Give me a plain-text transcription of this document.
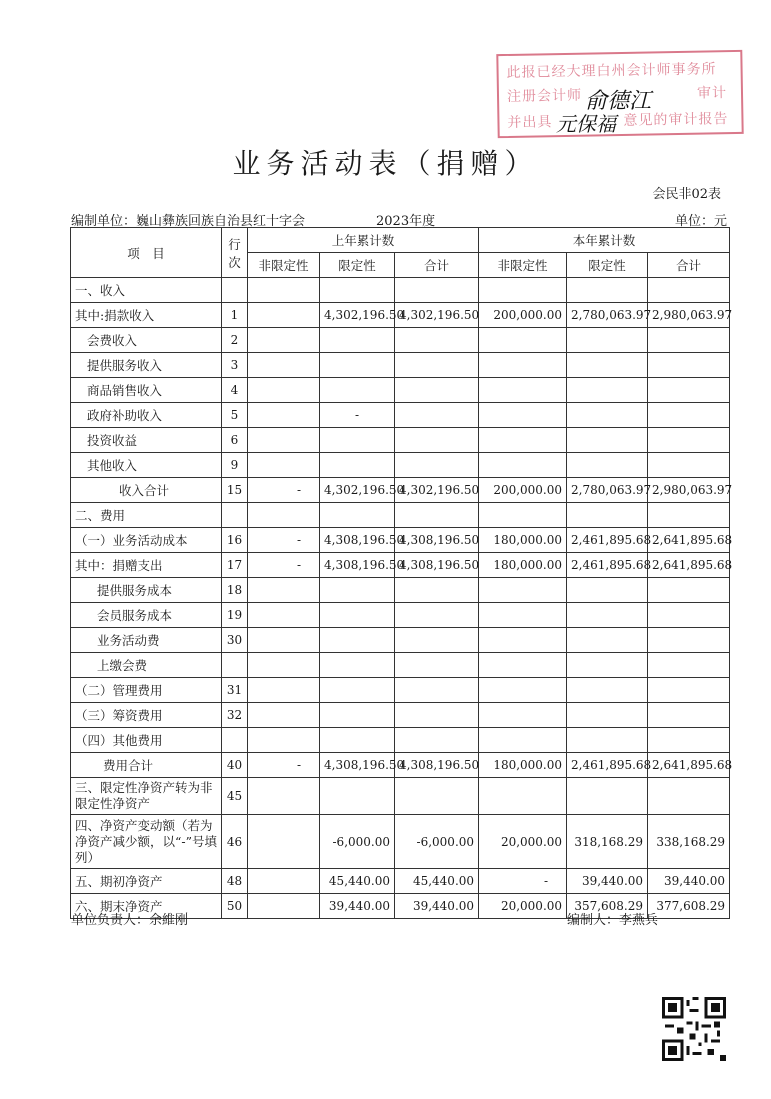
此报已经大理白州会计师事务所
注册会计师	审计
并出具	意见的审计报告
俞德江
元保福
业务活动表（捐赠）
会民非02表
编制单位：巍山彝族回族自治县红十字会	2023年度	单位：元
项　目	行次	上年累计数			本年累计数		
		非限定性	限定性	合计	非限定性	限定性	合计
一、收入							
其中:捐款收入	1		4,302,196.50	4,302,196.50	200,000.00	2,780,063.97	2,980,063.97
会费收入	2						
提供服务收入	3						
商品销售收入	4						
政府补助收入	5		-				
投资收益	6						
其他收入	9						
收入合计	15	-	4,302,196.50	4,302,196.50	200,000.00	2,780,063.97	2,980,063.97
二、费用							
（一）业务活动成本	16	-	4,308,196.50	4,308,196.50	180,000.00	2,461,895.68	2,641,895.68
其中：捐赠支出	17	-	4,308,196.50	4,308,196.50	180,000.00	2,461,895.68	2,641,895.68
提供服务成本	18						
会员服务成本	19						
业务活动费	30						
上缴会费							
（二）管理费用	31						
（三）筹资费用	32						
（四）其他费用							
费用合计	40	-	4,308,196.50	4,308,196.50	180,000.00	2,461,895.68	2,641,895.68
三、限定性净资产转为非限定性净资产	45						
四、净资产变动额（若为净资产减少额，以“-”号填列）	46		-6,000.00	-6,000.00	20,000.00	318,168.29	338,168.29
五、期初净资产	48		45,440.00	45,440.00	-	39,440.00	39,440.00
六、期末净资产	50		39,440.00	39,440.00	20,000.00	357,608.29	377,608.29
单位负责人：余維刚	编制人：李燕兵
